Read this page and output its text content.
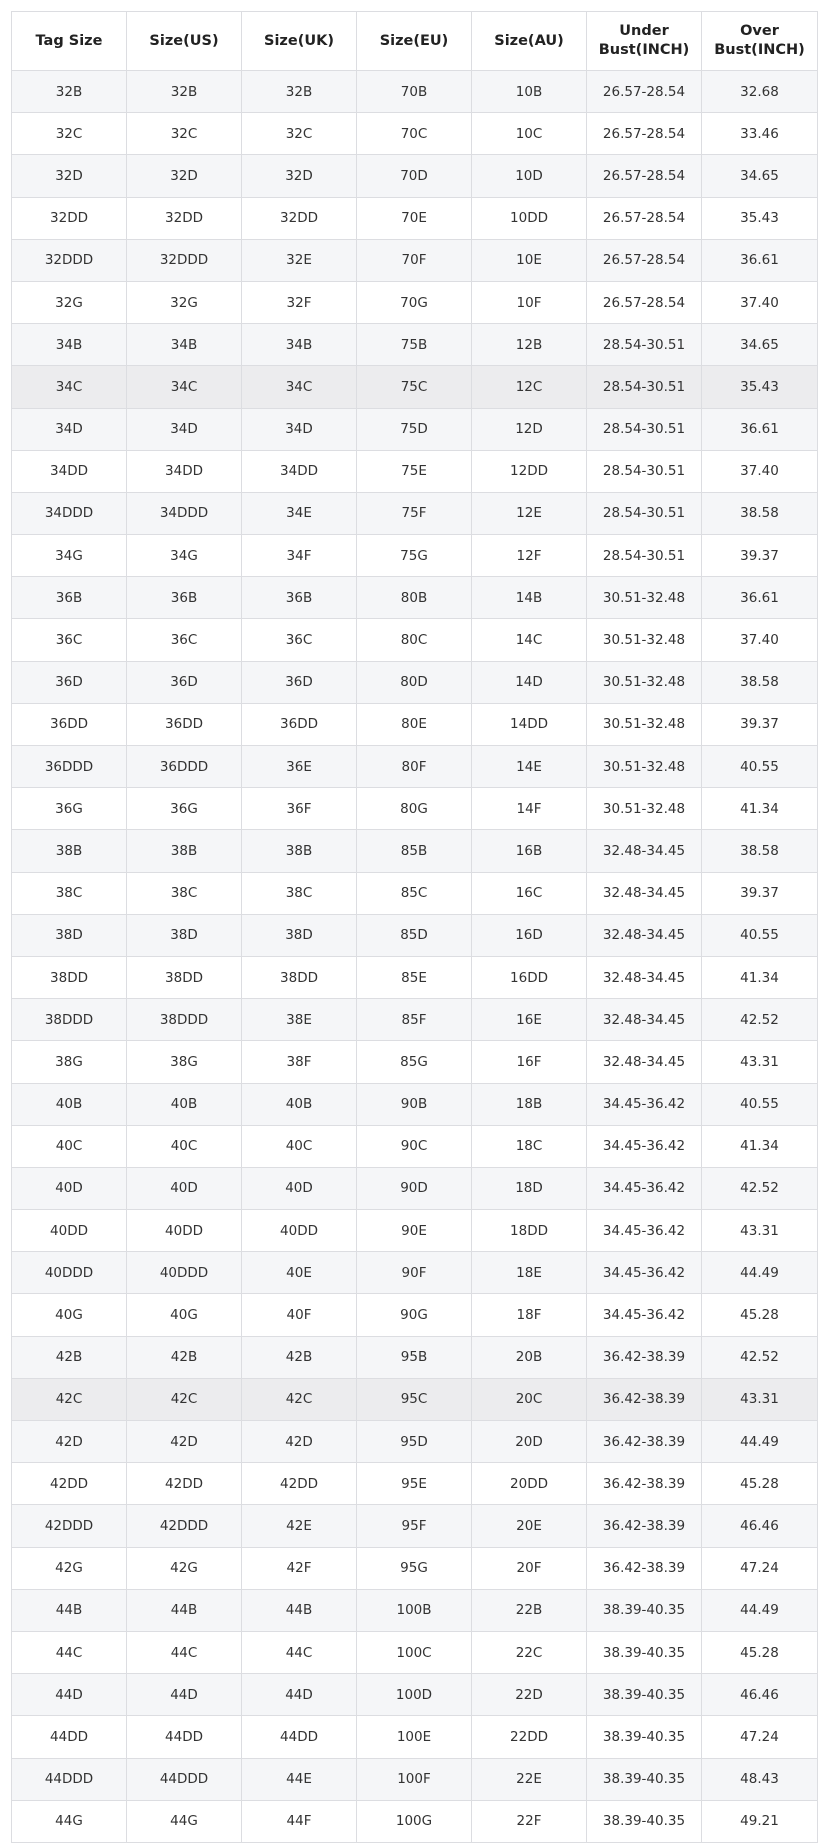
Tag Size	Size(US)	Size(UK)	Size(EU)	Size(AU)	Under Bust(INCH)	Over Bust(INCH)
32B	32B	32B	70B	10B	26.57-28.54	32.68
32C	32C	32C	70C	10C	26.57-28.54	33.46
32D	32D	32D	70D	10D	26.57-28.54	34.65
32DD	32DD	32DD	70E	10DD	26.57-28.54	35.43
32DDD	32DDD	32E	70F	10E	26.57-28.54	36.61
32G	32G	32F	70G	10F	26.57-28.54	37.40
34B	34B	34B	75B	12B	28.54-30.51	34.65
34C	34C	34C	75C	12C	28.54-30.51	35.43
34D	34D	34D	75D	12D	28.54-30.51	36.61
34DD	34DD	34DD	75E	12DD	28.54-30.51	37.40
34DDD	34DDD	34E	75F	12E	28.54-30.51	38.58
34G	34G	34F	75G	12F	28.54-30.51	39.37
36B	36B	36B	80B	14B	30.51-32.48	36.61
36C	36C	36C	80C	14C	30.51-32.48	37.40
36D	36D	36D	80D	14D	30.51-32.48	38.58
36DD	36DD	36DD	80E	14DD	30.51-32.48	39.37
36DDD	36DDD	36E	80F	14E	30.51-32.48	40.55
36G	36G	36F	80G	14F	30.51-32.48	41.34
38B	38B	38B	85B	16B	32.48-34.45	38.58
38C	38C	38C	85C	16C	32.48-34.45	39.37
38D	38D	38D	85D	16D	32.48-34.45	40.55
38DD	38DD	38DD	85E	16DD	32.48-34.45	41.34
38DDD	38DDD	38E	85F	16E	32.48-34.45	42.52
38G	38G	38F	85G	16F	32.48-34.45	43.31
40B	40B	40B	90B	18B	34.45-36.42	40.55
40C	40C	40C	90C	18C	34.45-36.42	41.34
40D	40D	40D	90D	18D	34.45-36.42	42.52
40DD	40DD	40DD	90E	18DD	34.45-36.42	43.31
40DDD	40DDD	40E	90F	18E	34.45-36.42	44.49
40G	40G	40F	90G	18F	34.45-36.42	45.28
42B	42B	42B	95B	20B	36.42-38.39	42.52
42C	42C	42C	95C	20C	36.42-38.39	43.31
42D	42D	42D	95D	20D	36.42-38.39	44.49
42DD	42DD	42DD	95E	20DD	36.42-38.39	45.28
42DDD	42DDD	42E	95F	20E	36.42-38.39	46.46
42G	42G	42F	95G	20F	36.42-38.39	47.24
44B	44B	44B	100B	22B	38.39-40.35	44.49
44C	44C	44C	100C	22C	38.39-40.35	45.28
44D	44D	44D	100D	22D	38.39-40.35	46.46
44DD	44DD	44DD	100E	22DD	38.39-40.35	47.24
44DDD	44DDD	44E	100F	22E	38.39-40.35	48.43
44G	44G	44F	100G	22F	38.39-40.35	49.21
